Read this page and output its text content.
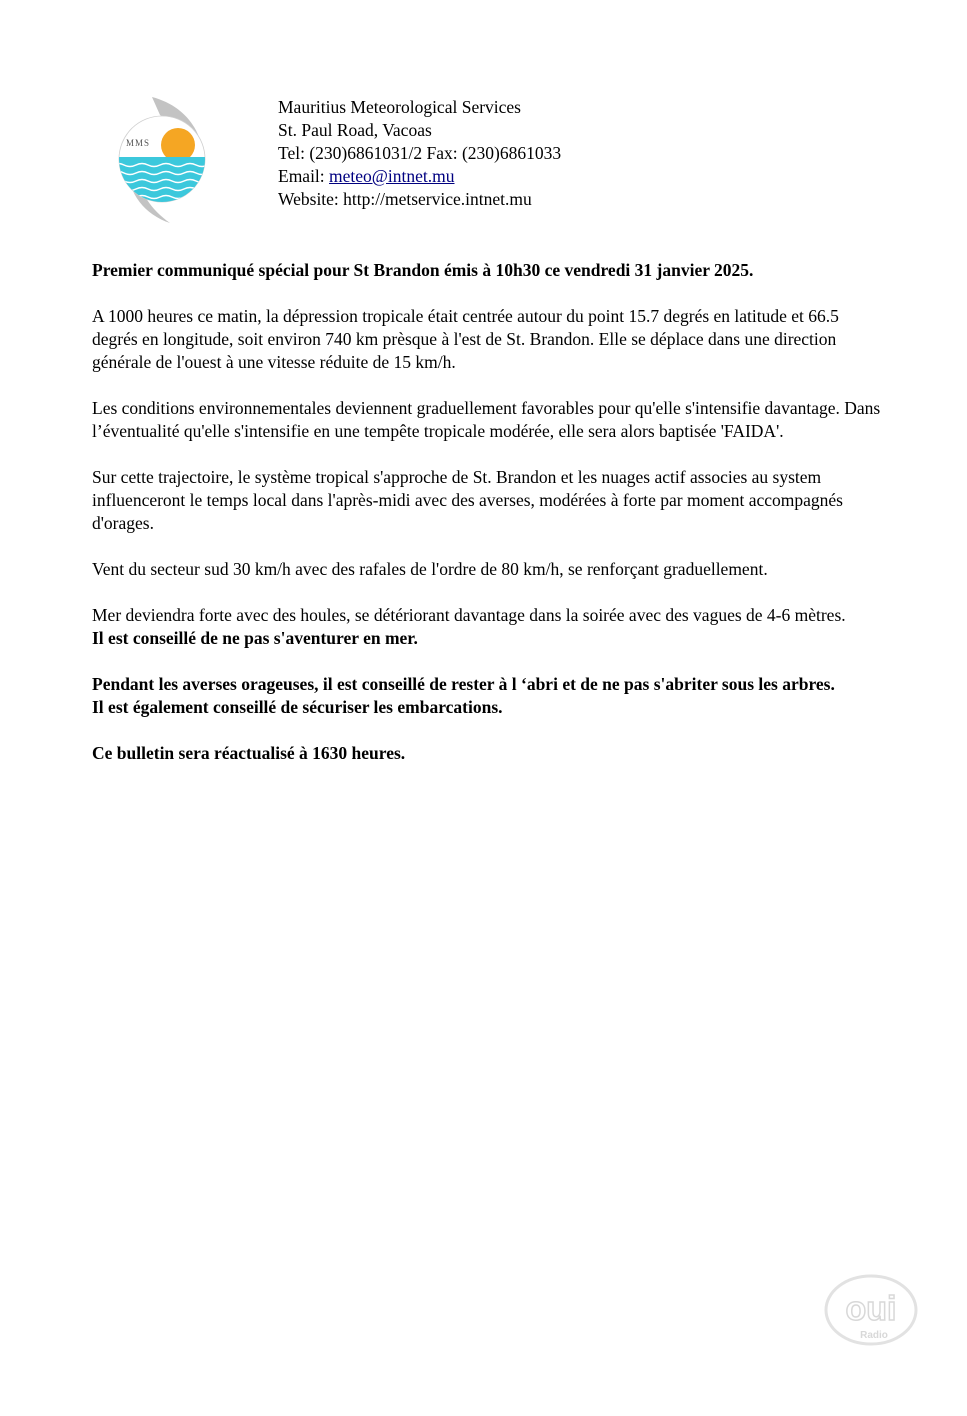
MMS
Mauritius Meteorological Services
St. Paul Road, Vacoas
Tel: (230)6861031/2 Fax: (230)6861033
Email: meteo@intnet.mu
Website: http://metservice.intnet.mu

Premier communiqué spécial pour St Brandon émis à 10h30 ce vendredi 31 janvier 2025.

A 1000 heures ce matin, la dépression tropicale était centrée autour du point 15.7 degrés en latitude et 66.5 degrés en longitude, soit environ 740 km prèsque à l'est de St. Brandon. Elle se déplace dans une direction générale de l'ouest à une vitesse réduite de 15 km/h.

Les conditions environnementales deviennent graduellement favorables pour qu'elle s'intensifie davantage. Dans l’éventualité qu'elle s'intensifie en une tempête tropicale modérée, elle sera alors baptisée 'FAIDA'.

Sur cette trajectoire, le système tropical s'approche de St. Brandon et les nuages actif associes au system influenceront le temps local dans l'après-midi avec des averses, modérées à forte par moment accompagnés d'orages.

Vent du secteur sud 30 km/h avec des rafales de l'ordre de 80 km/h, se renforçant graduellement.

Mer deviendra forte avec des houles, se détériorant davantage dans la soirée avec des vagues de 4-6 mètres.
Il est conseillé de ne pas s'aventurer en mer.

Pendant les averses orageuses, il est conseillé de rester à l ‘abri et de ne pas s'abriter sous les arbres.
Il est également conseillé de sécuriser les embarcations.

Ce bulletin sera réactualisé à 1630 heures.

oui
Radio
